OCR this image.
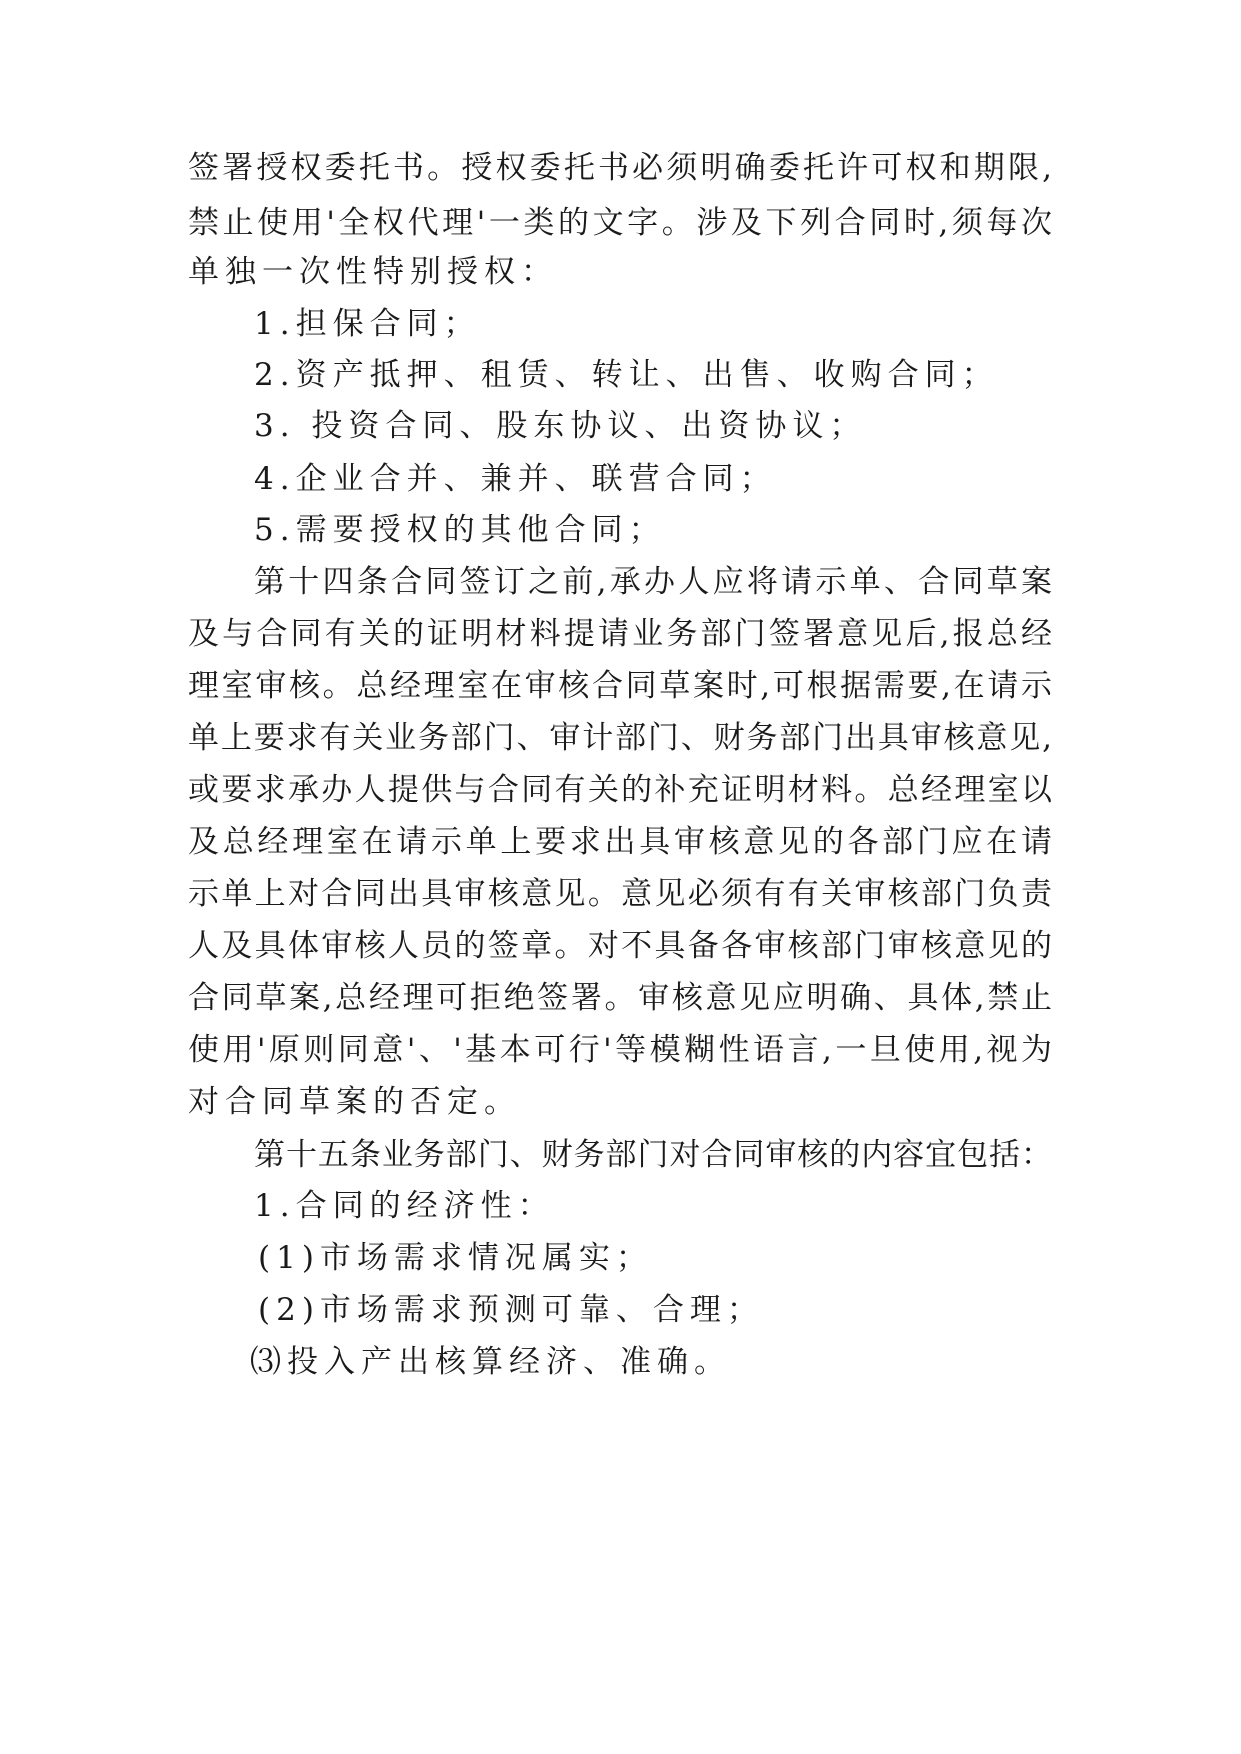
签署授权委托书。授权委托书必须明确委托许可权和期限,
禁止使用'全权代理'一类的文字。涉及下列合同时,须每次
单独一次性特别授权：
1.担保合同；
2.资产抵押、租赁、转让、出售、收购合同；
3. 投资合同、股东协议、出资协议；
4.企业合并、兼并、联营合同；
5.需要授权的其他合同；
第十四条合同签订之前,承办人应将请示单、合同草案
及与合同有关的证明材料提请业务部门签署意见后,报总经
理室审核。总经理室在审核合同草案时,可根据需要,在请示
单上要求有关业务部门、审计部门、财务部门出具审核意见,
或要求承办人提供与合同有关的补充证明材料。总经理室以
及总经理室在请示单上要求出具审核意见的各部门应在请
示单上对合同出具审核意见。意见必须有有关审核部门负责
人及具体审核人员的签章。对不具备各审核部门审核意见的
合同草案,总经理可拒绝签署。审核意见应明确、具体,禁止
使用'原则同意'、'基本可行'等模糊性语言,一旦使用,视为
对合同草案的否定。
第十五条业务部门、财务部门对合同审核的内容宜包括：
1.合同的经济性：
(1)市场需求情况属实；
(2)市场需求预测可靠、合理；
⑶投入产出核算经济、准确。
